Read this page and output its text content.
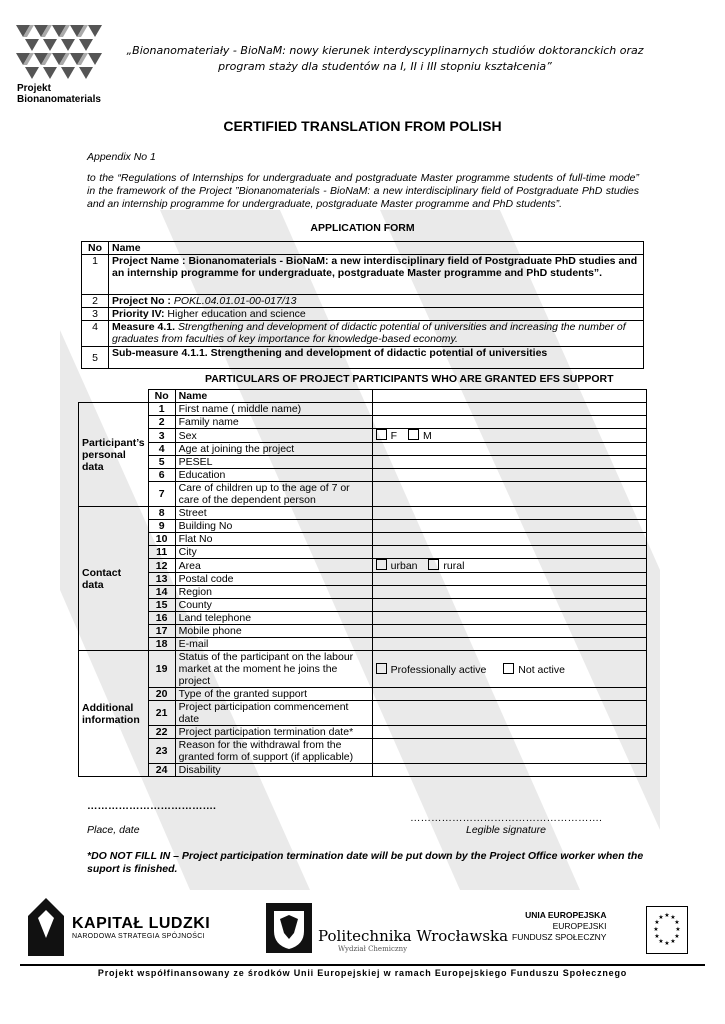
Projekt
Bionanomaterials
„Bionanomateriały - BioNaM: nowy kierunek interdyscyplinarnych studiów doktoranckich oraz program staży dla studentów na I, II i III stopniu kształcenia”
CERTIFIED TRANSLATION FROM POLISH
Appendix No 1
to the “Regulations of Internships for undergraduate and postgraduate Master programme students of full-time mode” in the framework of the Project ”Bionanomaterials - BioNaM: a new interdisciplinary field of Postgraduate PhD studies and an internship programme for undergraduate, postgraduate Master programme and PhD students”.
APPLICATION FORM
No	Name
1	Project Name : Bionanomaterials - BioNaM: a new interdisciplinary field of Postgraduate PhD studies and an internship programme for undergraduate, postgraduate Master programme and PhD students”.
2	Project No : POKL.04.01.01-00-017/13
3	Priority IV: Higher education and science
4	Measure 4.1. Strengthening and development of didactic potential of universities and increasing the number of graduates from faculties of key importance for knowledge-based economy.
5	Sub-measure 4.1.1. Strengthening and development of didactic potential of universities
PARTICULARS OF PROJECT PARTICIPANTS WHO ARE GRANTED EFS SUPPORT
	No	Name	
Participant’s personal data	1	First name ( middle name)	
	2	Family name	
	3	Sex	F M
	4	Age at joining the project	
	5	PESEL	
	6	Education	
	7	Care of children up to the age of 7 or care of the dependent person	
Contact data	8	Street	
	9	Building No	
	10	Flat No	
	11	City	
	12	Area	urban rural
	13	Postal code	
	14	Region	
	15	County	
	16	Land telephone	
	17	Mobile phone	
	18	E-mail	
Additional information	19	Status of the participant on the labour market at the moment he joins the project	Professionally active Not active
	20	Type of the granted support	
	21	Project participation commencement date	
	22	Project participation termination date*	
	23	Reason for the withdrawal from the granted form of support (if applicable)	
	24	Disability	
……………………………….
……………………………………………….
Place, date	Legible signature
*DO NOT FILL IN – Project participation termination date will be put down by the Project Office worker when the suport is finished.
KAPITAŁ LUDZKI
NARODOWA STRATEGIA SPÓJNOŚCI	Politechnika Wrocławska
Wydział Chemiczny
UNIA EUROPEJSKA
EUROPEJSKI
FUNDUSZ SPOŁECZNY
★ ★
★
★
★
★
★
★
★
★
★
★
Projekt współfinansowany ze środków Unii Europejskiej w ramach Europejskiego Funduszu Społecznego
